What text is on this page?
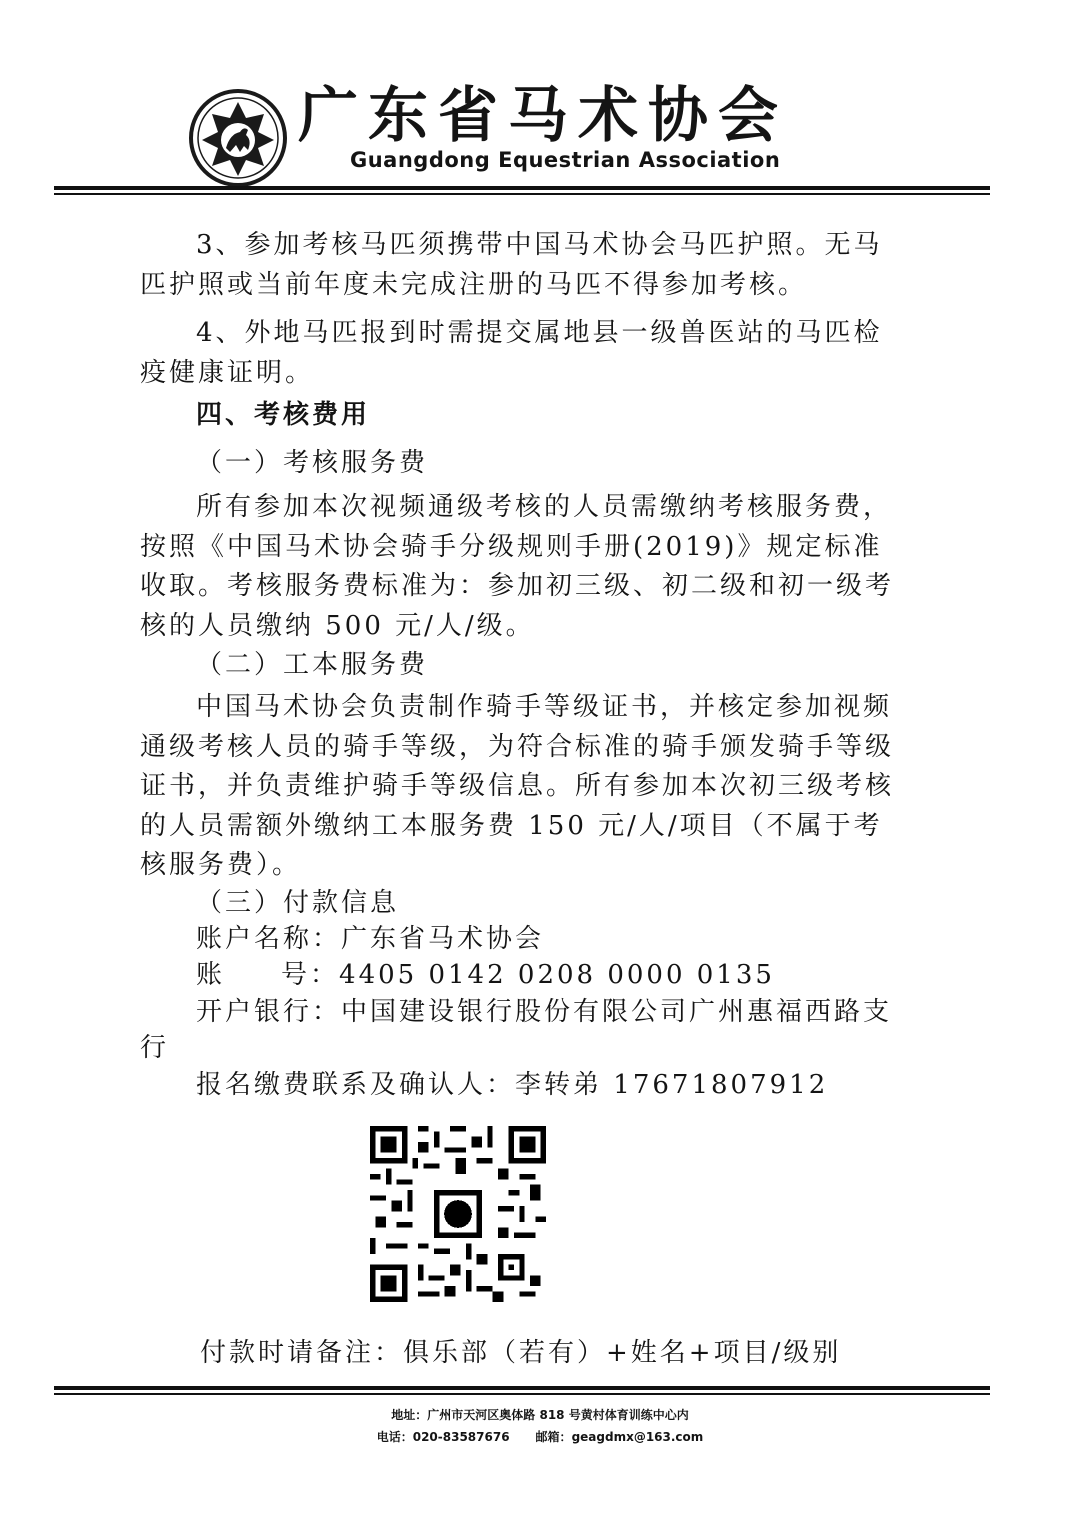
广东省马术协会
Guangdong Equestrian Association
3、参加考核马匹须携带中国马术协会马匹护照。无马匹护照或当前年度未完成注册的马匹不得参加考核。
4、外地马匹报到时需提交属地县一级兽医站的马匹检疫健康证明。
四、考核费用
（一）考核服务费
所有参加本次视频通级考核的人员需缴纳考核服务费，按照《中国马术协会骑手分级规则手册(2019)》规定标准收取。考核服务费标准为：参加初三级、初二级和初一级考核的人员缴纳 500 元/人/级。
（二）工本服务费
中国马术协会负责制作骑手等级证书，并核定参加视频通级考核人员的骑手等级，为符合标准的骑手颁发骑手等级证书，并负责维护骑手等级信息。所有参加本次初三级考核的人员需额外缴纳工本服务费 150 元/人/项目（不属于考核服务费）。
（三）付款信息
账户名称：广东省马术协会
账 号：4405 0142 0208 0000 0135
开户银行：中国建设银行股份有限公司广州惠福西路支行
报名缴费联系及确认人：李转弟 17671807912
付款时请备注：俱乐部（若有）+姓名+项目/级别
地址：广州市天河区奥体路 818 号黄村体育训练中心内
电话：020-83587676 邮箱：geagdmx@163.com
